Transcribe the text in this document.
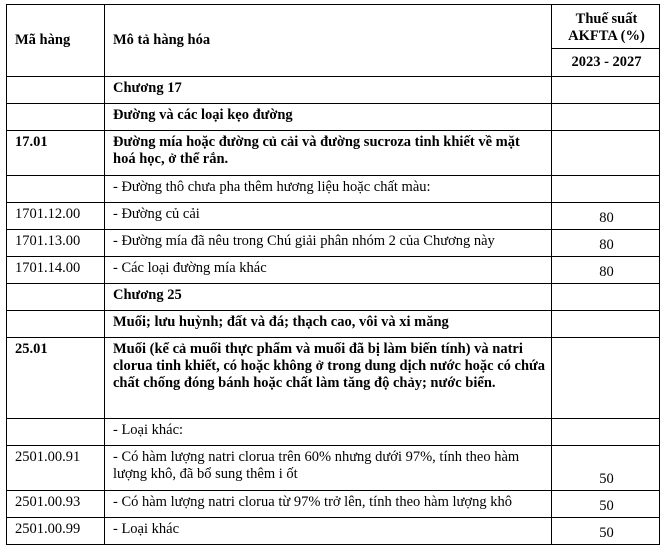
Mã hàng	Mô tả hàng hóa	Thuế suất AKFTA (%)
		2023 - 2027
	Chương 17	
	Đường và các loại kẹo đường	
17.01	Đường mía hoặc đường củ cải và đường sucroza tinh khiết về mặt hoá học, ở thể rắn.	
	- Đường thô chưa pha thêm hương liệu hoặc chất màu:	
1701.12.00	- Đường củ cải	80
1701.13.00	- Đường mía đã nêu trong Chú giải phân nhóm 2 của Chương này	80
1701.14.00	- Các loại đường mía khác	80
	Chương 25	
	Muối; lưu huỳnh; đất và đá; thạch cao, vôi và xi măng	
25.01	Muối (kể cả muối thực phẩm và muối đã bị làm biến tính) và natri clorua tinh khiết, có hoặc không ở trong dung dịch nước hoặc có chứa chất chống đóng bánh hoặc chất làm tăng độ chảy; nước biển.	
	- Loại khác:	
2501.00.91	- Có hàm lượng natri clorua trên 60% nhưng dưới 97%, tính theo hàm lượng khô, đã bổ sung thêm i ốt	50
2501.00.93	- Có hàm lượng natri clorua từ 97% trở lên, tính theo hàm lượng khô	50
2501.00.99	- Loại khác	50
